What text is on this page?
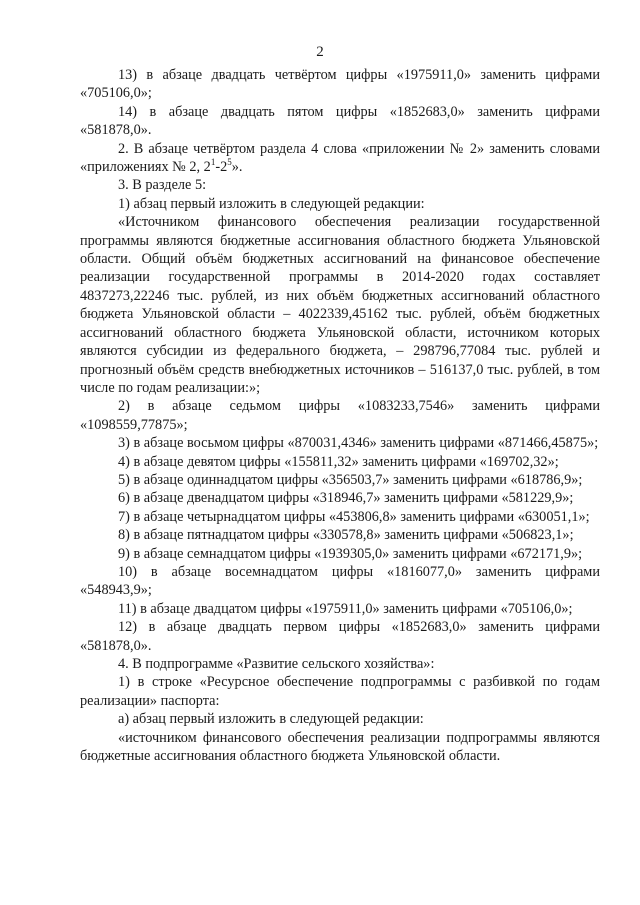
2

13) в абзаце двадцать четвёртом цифры «1975911,0» заменить цифрами «705106,0»;

14) в абзаце двадцать пятом цифры «1852683,0» заменить цифрами «581878,0».

2. В абзаце четвёртом раздела 4 слова «приложении № 2» заменить словами «приложениях № 2, $2^1-2^5$».

3. В разделе 5:

1) абзац первый изложить в следующей редакции:

«Источником финансового обеспечения реализации государственной программы являются бюджетные ассигнования областного бюджета Ульяновской области. Общий объём бюджетных ассигнований на финансовое обеспечение реализации государственной программы в 2014-2020 годах составляет 4837273,22246 тыс. рублей, из них объём бюджетных ассигнований областного бюджета Ульяновской области – 4022339,45162 тыс. рублей, объём бюджетных ассигнований областного бюджета Ульяновской области, источником которых являются субсидии из федерального бюджета, – 298796,77084 тыс. рублей и прогнозный объём средств внебюджетных источников – 516137,0 тыс. рублей, в том числе по годам реализации:»;

2) в абзаце седьмом цифры «1083233,7546» заменить цифрами «1098559,77875»;

3) в абзаце восьмом цифры «870031,4346» заменить цифрами «871466,45875»;

4) в абзаце девятом цифры «155811,32» заменить цифрами «169702,32»;

5) в абзаце одиннадцатом цифры «356503,7» заменить цифрами «618786,9»;

6) в абзаце двенадцатом цифры «318946,7» заменить цифрами «581229,9»;

7) в абзаце четырнадцатом цифры «453806,8» заменить цифрами «630051,1»;

8) в абзаце пятнадцатом цифры «330578,8» заменить цифрами «506823,1»;

9) в абзаце семнадцатом цифры «1939305,0» заменить цифрами «672171,9»;

10) в абзаце восемнадцатом цифры «1816077,0» заменить цифрами «548943,9»;

11) в абзаце двадцатом цифры «1975911,0» заменить цифрами «705106,0»;

12) в абзаце двадцать первом цифры «1852683,0» заменить цифрами «581878,0».

4. В подпрограмме «Развитие сельского хозяйства»:

1) в строке «Ресурсное обеспечение подпрограммы с разбивкой по годам реализации» паспорта:

а) абзац первый изложить в следующей редакции:

«источником финансового обеспечения реализации подпрограммы являются бюджетные ассигнования областного бюджета Ульяновской области.
